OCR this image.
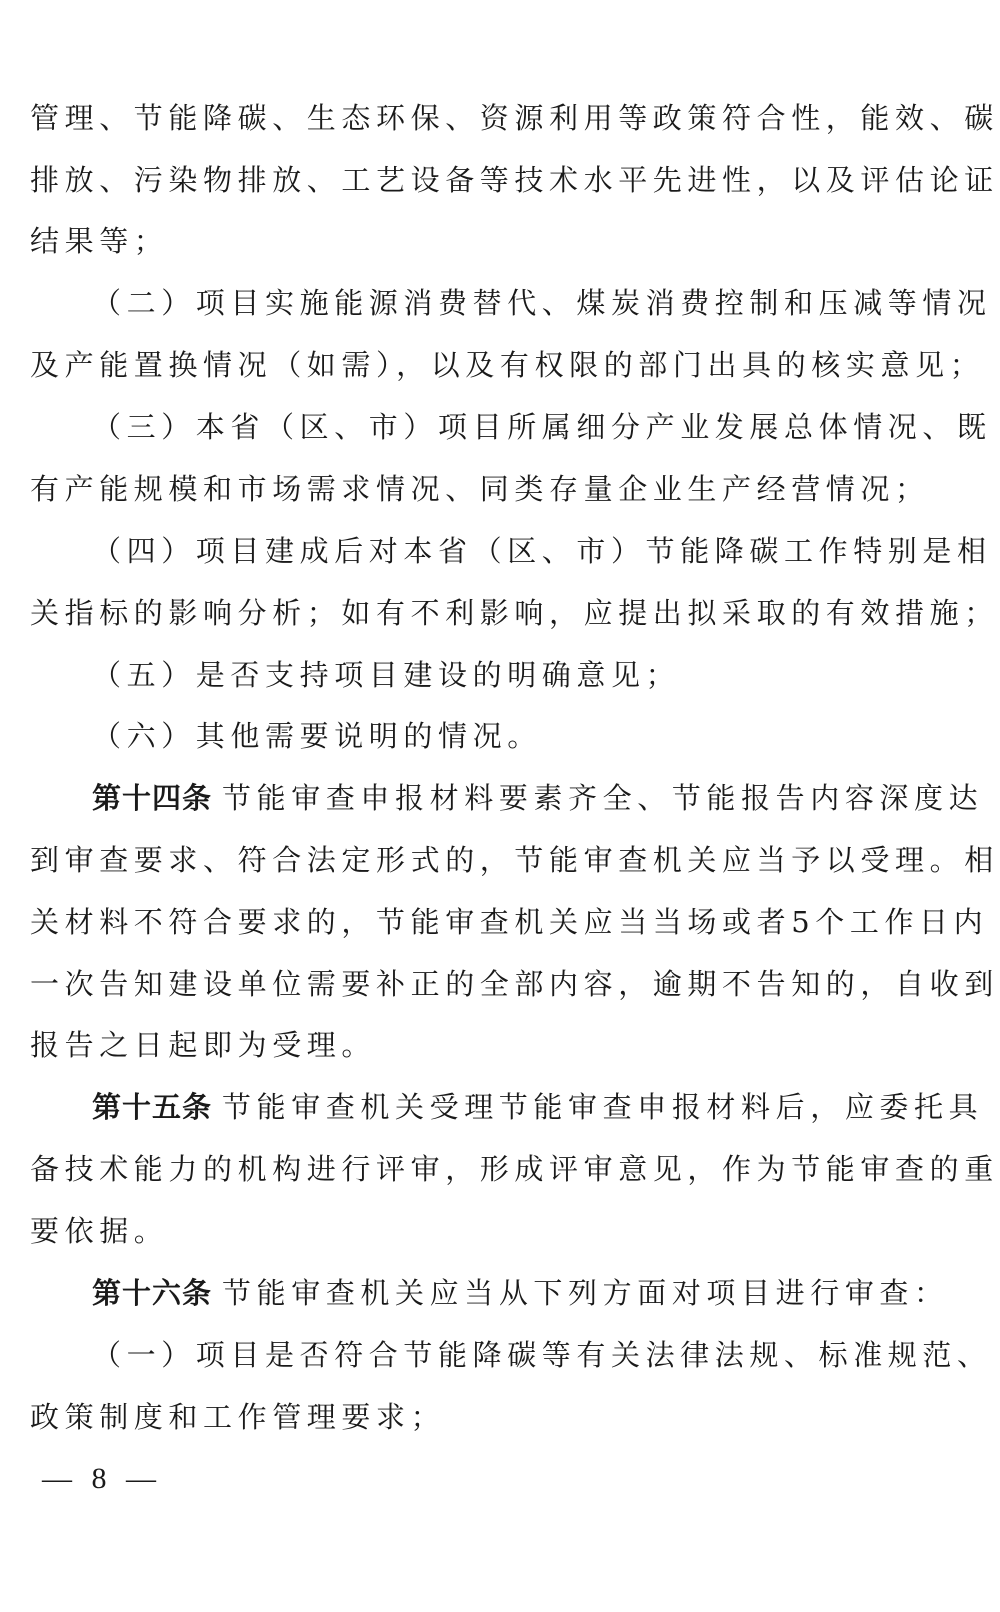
管理、节能降碳、生态环保、资源利用等政策符合性，能效、碳
排放、污染物排放、工艺设备等技术水平先进性，以及评估论证
结果等；
（二）项目实施能源消费替代、煤炭消费控制和压减等情况
及产能置换情况（如需），以及有权限的部门出具的核实意见；
（三）本省（区、市）项目所属细分产业发展总体情况、既
有产能规模和市场需求情况、同类存量企业生产经营情况；
（四）项目建成后对本省（区、市）节能降碳工作特别是相
关指标的影响分析；如有不利影响，应提出拟采取的有效措施；
（五）是否支持项目建设的明确意见；
（六）其他需要说明的情况。
第十四条 节能审查申报材料要素齐全、节能报告内容深度达
到审查要求、符合法定形式的，节能审查机关应当予以受理。相
关材料不符合要求的，节能审查机关应当当场或者5个工作日内
一次告知建设单位需要补正的全部内容，逾期不告知的，自收到
报告之日起即为受理。
第十五条 节能审查机关受理节能审查申报材料后，应委托具
备技术能力的机构进行评审，形成评审意见，作为节能审查的重
要依据。
第十六条 节能审查机关应当从下列方面对项目进行审查：
（一）项目是否符合节能降碳等有关法律法规、标准规范、
政策制度和工作管理要求；
— 8 —
